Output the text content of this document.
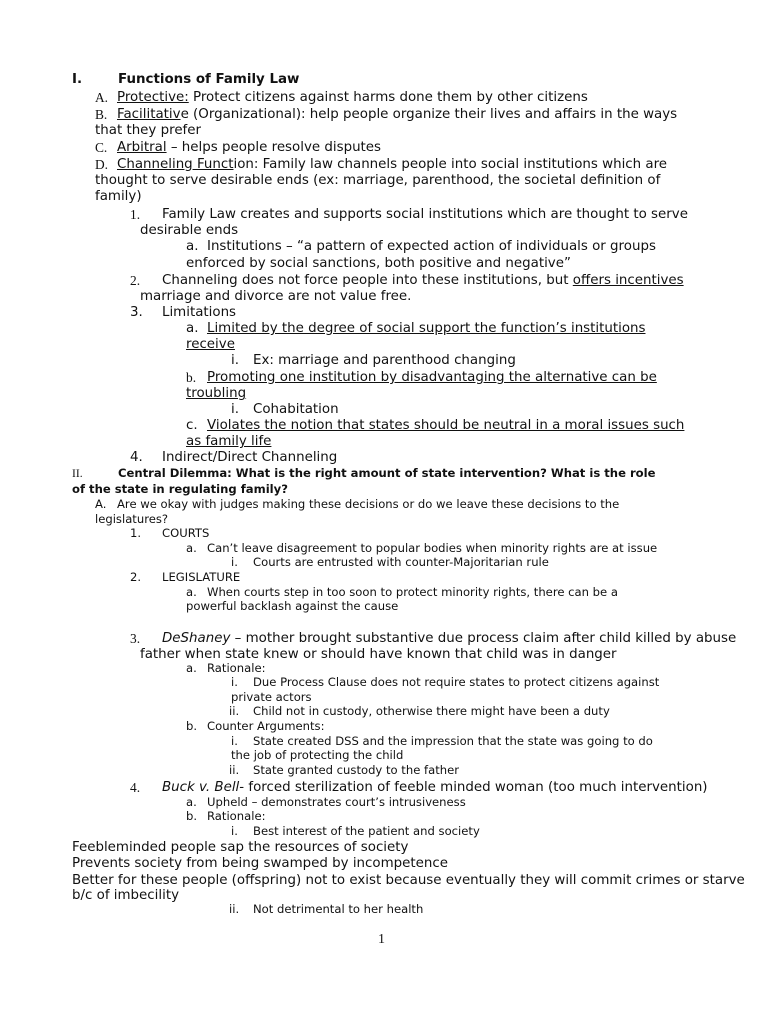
I.	Functions of Family Law
A. Protective: Protect citizens against harms done them by other citizens
B. Facilitative (Organizational): help people organize their lives and affairs in the ways
that they prefer
C. Arbitral – helps people resolve disputes
D. Channeling Function: Family law channels people into social institutions which are
thought to serve desirable ends (ex: marriage, parenthood, the societal definition of
family)
1. Family Law creates and supports social institutions which are thought to serve
desirable ends
a. Institutions – “a pattern of expected action of individuals or groups
enforced by social sanctions, both positive and negative”
2. Channeling does not force people into these institutions, but offers incentives
marriage and divorce are not value free.
3. Limitations
a. Limited by the degree of social support the function’s institutions
receive
i. Ex: marriage and parenthood changing
b. Promoting one institution by disadvantaging the alternative can be
troubling
i. Cohabitation
c. Violates the notion that states should be neutral in a moral issues such
as family life
4. Indirect/Direct Channeling
II.	Central Dilemma: What is the right amount of state intervention? What is the role
of the state in regulating family?
A. Are we okay with judges making these decisions or do we leave these decisions to the
legislatures?
1. COURTS
a. Can’t leave disagreement to popular bodies when minority rights are at issue
i. Courts are entrusted with counter-Majoritarian rule
2. LEGISLATURE
a. When courts step in too soon to protect minority rights, there can be a
powerful backlash against the cause
3. DeShaney – mother brought substantive due process claim after child killed by abuse
father when state knew or should have known that child was in danger
a. Rationale:
i. Due Process Clause does not require states to protect citizens against
private actors
ii. Child not in custody, otherwise there might have been a duty
b. Counter Arguments:
i. State created DSS and the impression that the state was going to do
the job of protecting the child
ii. State granted custody to the father
4. Buck v. Bell- forced sterilization of feeble minded woman (too much intervention)
a. Upheld – demonstrates court’s intrusiveness
b. Rationale:
i. Best interest of the patient and society
Feebleminded people sap the resources of society
Prevents society from being swamped by incompetence
Better for these people (offspring) not to exist because eventually they will commit crimes or starve
b/c of imbecility
ii. Not detrimental to her health
1
